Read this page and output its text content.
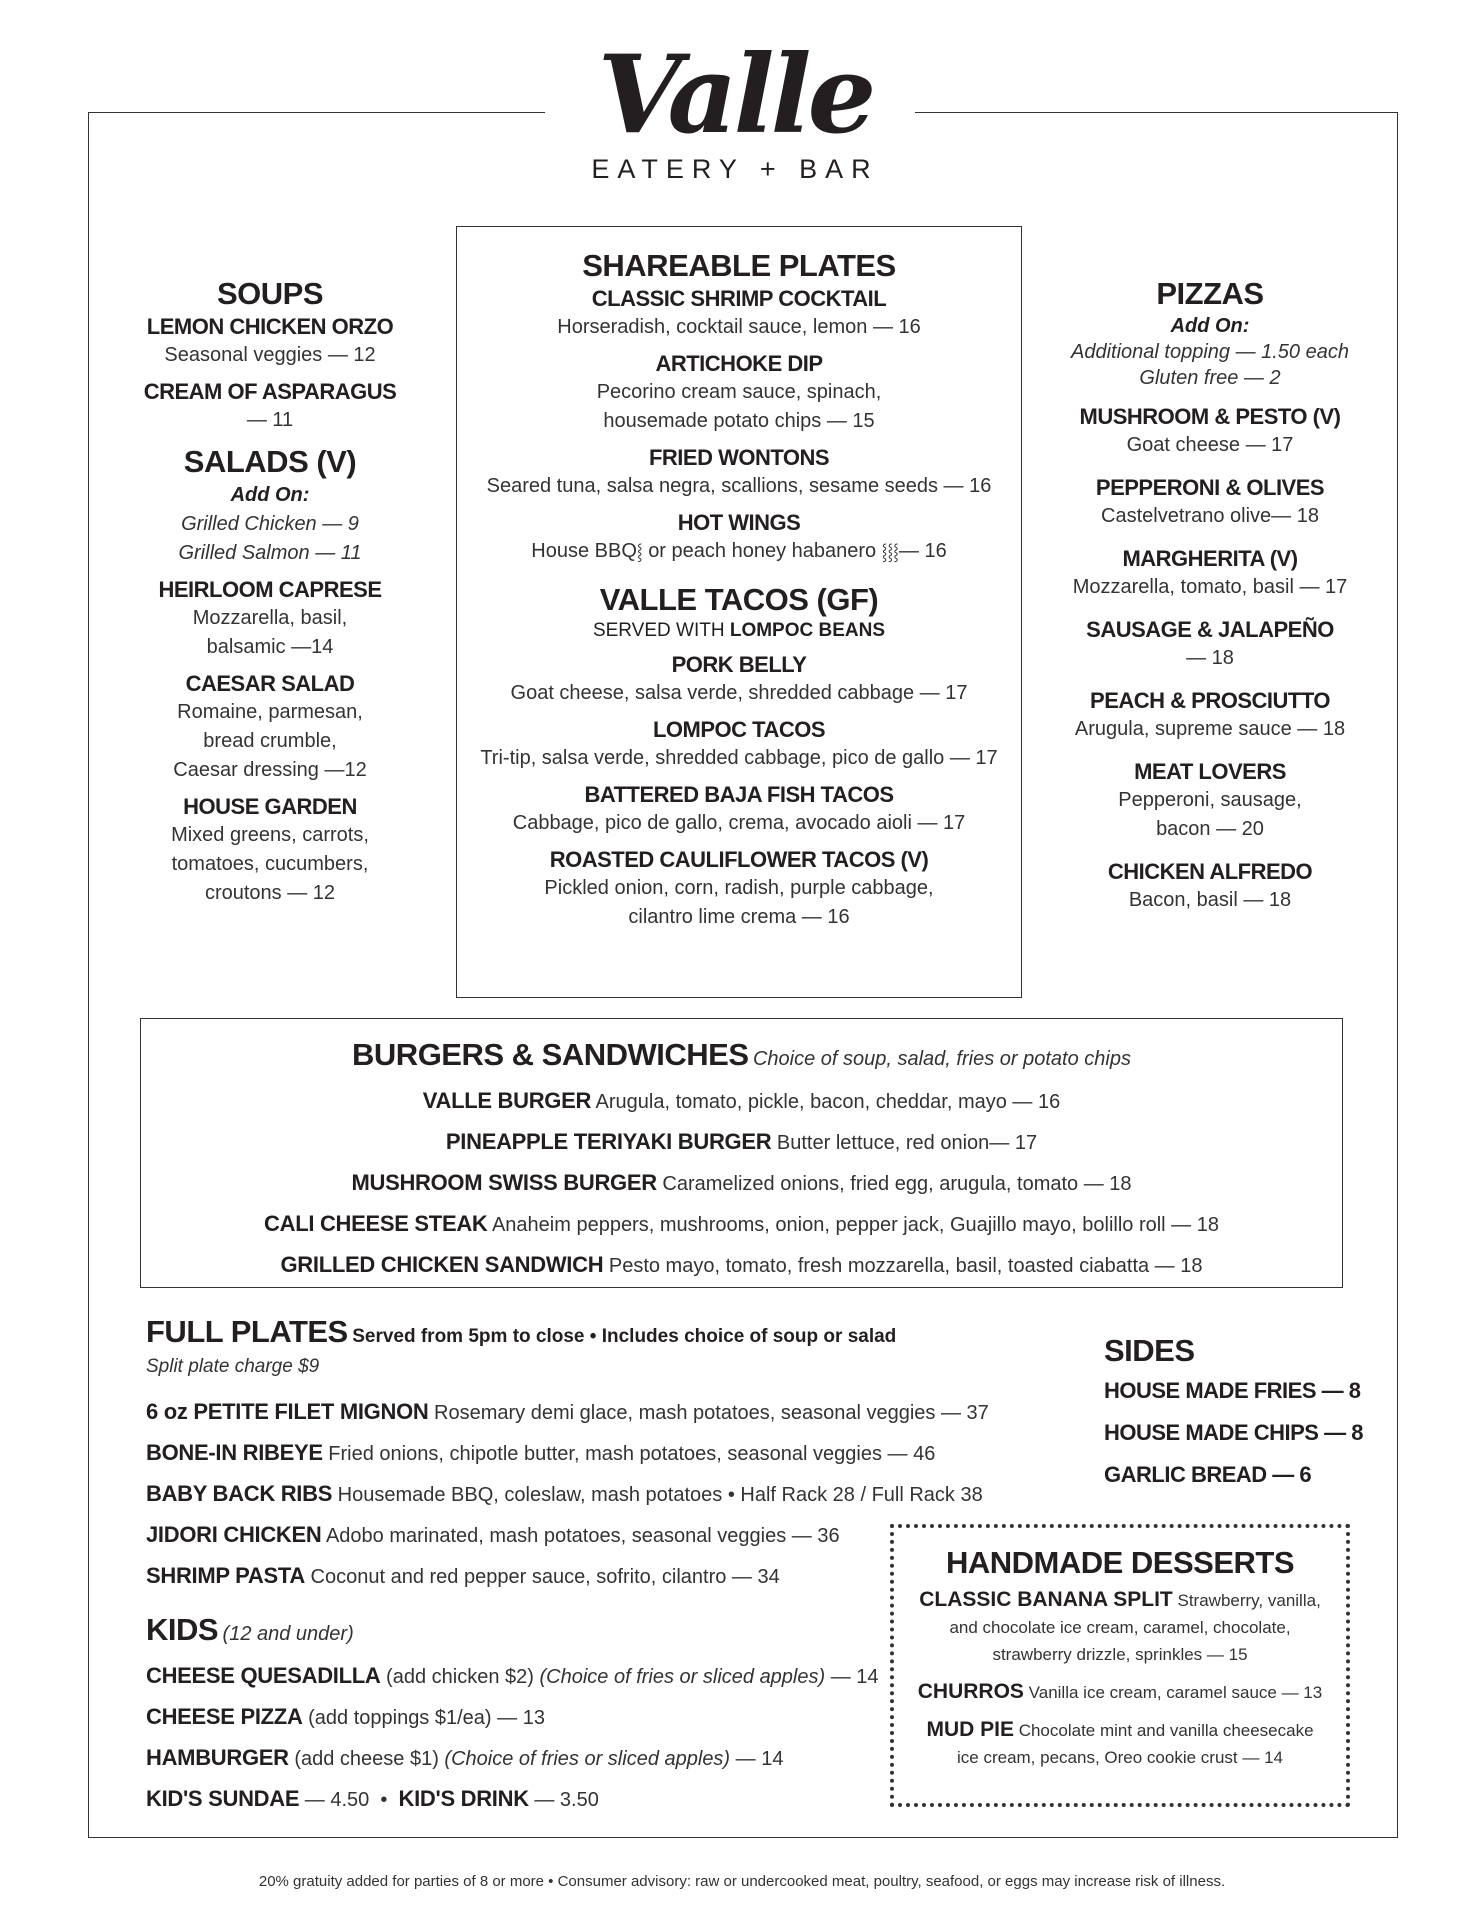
Valle
EATERY + BAR
SOUPS
LEMON CHICKEN ORZO
Seasonal veggies — 12
CREAM OF ASPARAGUS
— 11
SALADS (V)
Add On:
Grilled Chicken — 9
Grilled Salmon — 11
HEIRLOOM CAPRESE
Mozzarella, basil,
balsamic —14
CAESAR SALAD
Romaine, parmesan,
bread crumble,
Caesar dressing —12
HOUSE GARDEN
Mixed greens, carrots,
tomatoes, cucumbers,
croutons — 12
SHAREABLE PLATES
CLASSIC SHRIMP COCKTAIL
Horseradish, cocktail sauce, lemon — 16
ARTICHOKE DIP
Pecorino cream sauce, spinach,
housemade potato chips — 15
FRIED WONTONS
Seared tuna, salsa negra, scallions, sesame seeds — 16
HOT WINGS
House BBQ⸾ or peach honey habanero ⸾⸾⸾— 16
VALLE TACOS (GF)
SERVED WITH LOMPOC BEANS
PORK BELLY
Goat cheese, salsa verde, shredded cabbage — 17
LOMPOC TACOS
Tri-tip, salsa verde, shredded cabbage, pico de gallo — 17
BATTERED BAJA FISH TACOS
Cabbage, pico de gallo, crema, avocado aioli — 17
ROASTED CAULIFLOWER TACOS (V)
Pickled onion, corn, radish, purple cabbage,
cilantro lime crema — 16
PIZZAS
Add On:
Additional topping — 1.50 each
Gluten free — 2
MUSHROOM & PESTO (V)
Goat cheese — 17
PEPPERONI & OLIVES
Castelvetrano olive— 18
MARGHERITA (V)
Mozzarella, tomato, basil — 17
SAUSAGE & JALAPEÑO
— 18
PEACH & PROSCIUTTO
Arugula, supreme sauce — 18
MEAT LOVERS
Pepperoni, sausage,
bacon — 20
CHICKEN ALFREDO
Bacon, basil — 18
BURGERS & SANDWICHES Choice of soup, salad, fries or potato chips
VALLE BURGER Arugula, tomato, pickle, bacon, cheddar, mayo — 16
PINEAPPLE TERIYAKI BURGER Butter lettuce, red onion— 17
MUSHROOM SWISS BURGER Caramelized onions, fried egg, arugula, tomato — 18
CALI CHEESE STEAK Anaheim peppers, mushrooms, onion, pepper jack, Guajillo mayo, bolillo roll — 18
GRILLED CHICKEN SANDWICH Pesto mayo, tomato, fresh mozzarella, basil, toasted ciabatta — 18
FULL PLATES Served from 5pm to close • Includes choice of soup or salad
Split plate charge $9
6 oz PETITE FILET MIGNON Rosemary demi glace, mash potatoes, seasonal veggies — 37
BONE-IN RIBEYE Fried onions, chipotle butter, mash potatoes, seasonal veggies — 46
BABY BACK RIBS Housemade BBQ, coleslaw, mash potatoes • Half Rack 28 / Full Rack 38
JIDORI CHICKEN Adobo marinated, mash potatoes, seasonal veggies — 36
SHRIMP PASTA Coconut and red pepper sauce, sofrito, cilantro — 34
KIDS (12 and under)
CHEESE QUESADILLA (add chicken $2) (Choice of fries or sliced apples) — 14
CHEESE PIZZA (add toppings $1/ea) — 13
HAMBURGER (add cheese $1) (Choice of fries or sliced apples) — 14
KID'S SUNDAE — 4.50 • KID'S DRINK — 3.50
SIDES
HOUSE MADE FRIES — 8
HOUSE MADE CHIPS — 8
GARLIC BREAD — 6
HANDMADE DESSERTS
CLASSIC BANANA SPLIT Strawberry, vanilla,
and chocolate ice cream, caramel, chocolate,
strawberry drizzle, sprinkles — 15
CHURROS Vanilla ice cream, caramel sauce — 13
MUD PIE Chocolate mint and vanilla cheesecake
ice cream, pecans, Oreo cookie crust — 14
20% gratuity added for parties of 8 or more • Consumer advisory: raw or undercooked meat, poultry, seafood, or eggs may increase risk of illness.
